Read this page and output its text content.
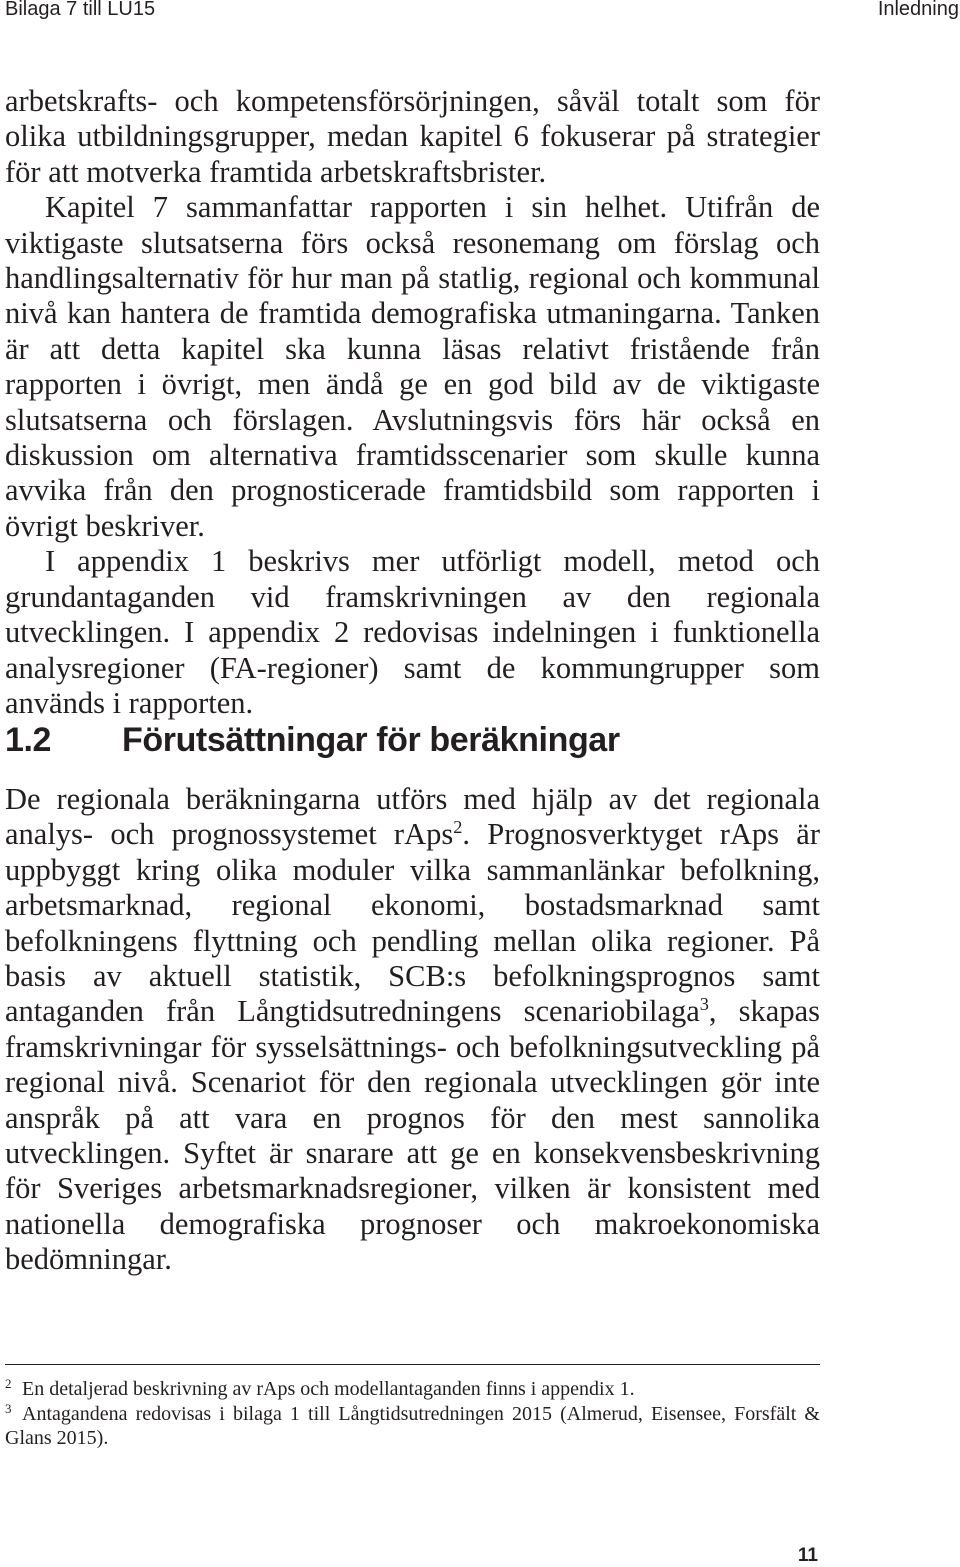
Bilaga 7 till LU15	Inledning

arbetskrafts- och kompetensförsörjningen, såväl totalt som för olika utbildningsgrupper, medan kapitel 6 fokuserar på strategier för att motverka framtida arbetskraftsbrister.

Kapitel 7 sammanfattar rapporten i sin helhet. Utifrån de viktigaste slutsatserna förs också resonemang om förslag och handlingsalternativ för hur man på statlig, regional och kommunal nivå kan hantera de framtida demografiska utmaningarna. Tanken är att detta kapitel ska kunna läsas relativt fristående från rapporten i övrigt, men ändå ge en god bild av de viktigaste slutsatserna och förslagen. Avslutningsvis förs här också en diskussion om alternativa framtidsscenarier som skulle kunna avvika från den prognosticerade framtidsbild som rapporten i övrigt beskriver.

I appendix 1 beskrivs mer utförligt modell, metod och grundantaganden vid framskrivningen av den regionala utvecklingen. I appendix 2 redovisas indelningen i funktionella analysregioner (FA-regioner) samt de kommungrupper som används i rapporten.

1.2 Förutsättningar för beräkningar

De regionala beräkningarna utförs med hjälp av det regionala analys- och prognossystemet rAps$^2$. Prognosverktyget rAps är uppbyggt kring olika moduler vilka sammanlänkar befolkning, arbetsmarknad, regional ekonomi, bostadsmarknad samt befolkningens flyttning och pendling mellan olika regioner. På basis av aktuell statistik, SCB:s befolkningsprognos samt antaganden från Långtidsutredningens scenariobilaga$^3$, skapas framskrivningar för sysselsättnings- och befolkningsutveckling på regional nivå. Scenariot för den regionala utvecklingen gör inte anspråk på att vara en prognos för den mest sannolika utvecklingen. Syftet är snarare att ge en konsekvensbeskrivning för Sveriges arbetsmarknadsregioner, vilken är konsistent med nationella demografiska prognoser och makroekonomiska bedömningar.

2 En detaljerad beskrivning av rAps och modellantaganden finns i appendix 1.

3 Antagandena redovisas i bilaga 1 till Långtidsutredningen 2015 (Almerud, Eisensee, Forsfält & Glans 2015).

11
